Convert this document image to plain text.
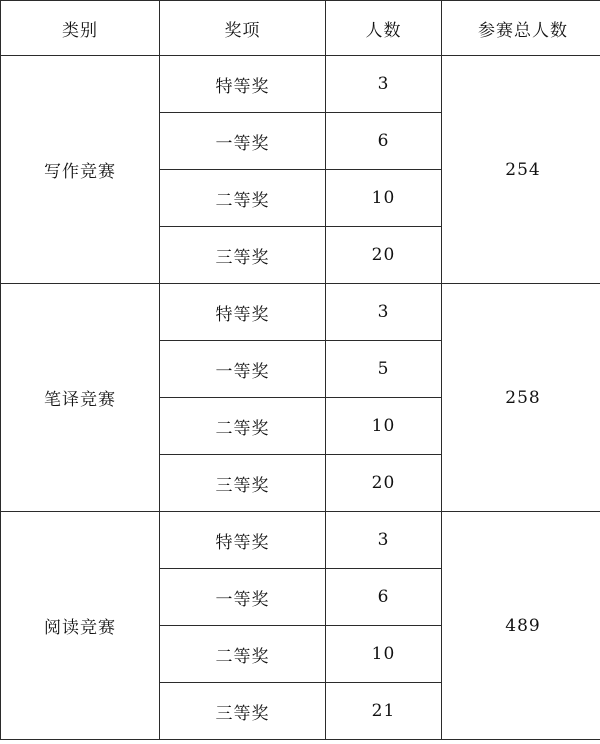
类别	奖项	人数	参赛总人数
写作竞赛	特等奖	3	254
	一等奖	6	
	二等奖	10	
	三等奖	20	
笔译竞赛	特等奖	3	258
	一等奖	5	
	二等奖	10	
	三等奖	20	
阅读竞赛	特等奖	3	489
	一等奖	6	
	二等奖	10	
	三等奖	21	
